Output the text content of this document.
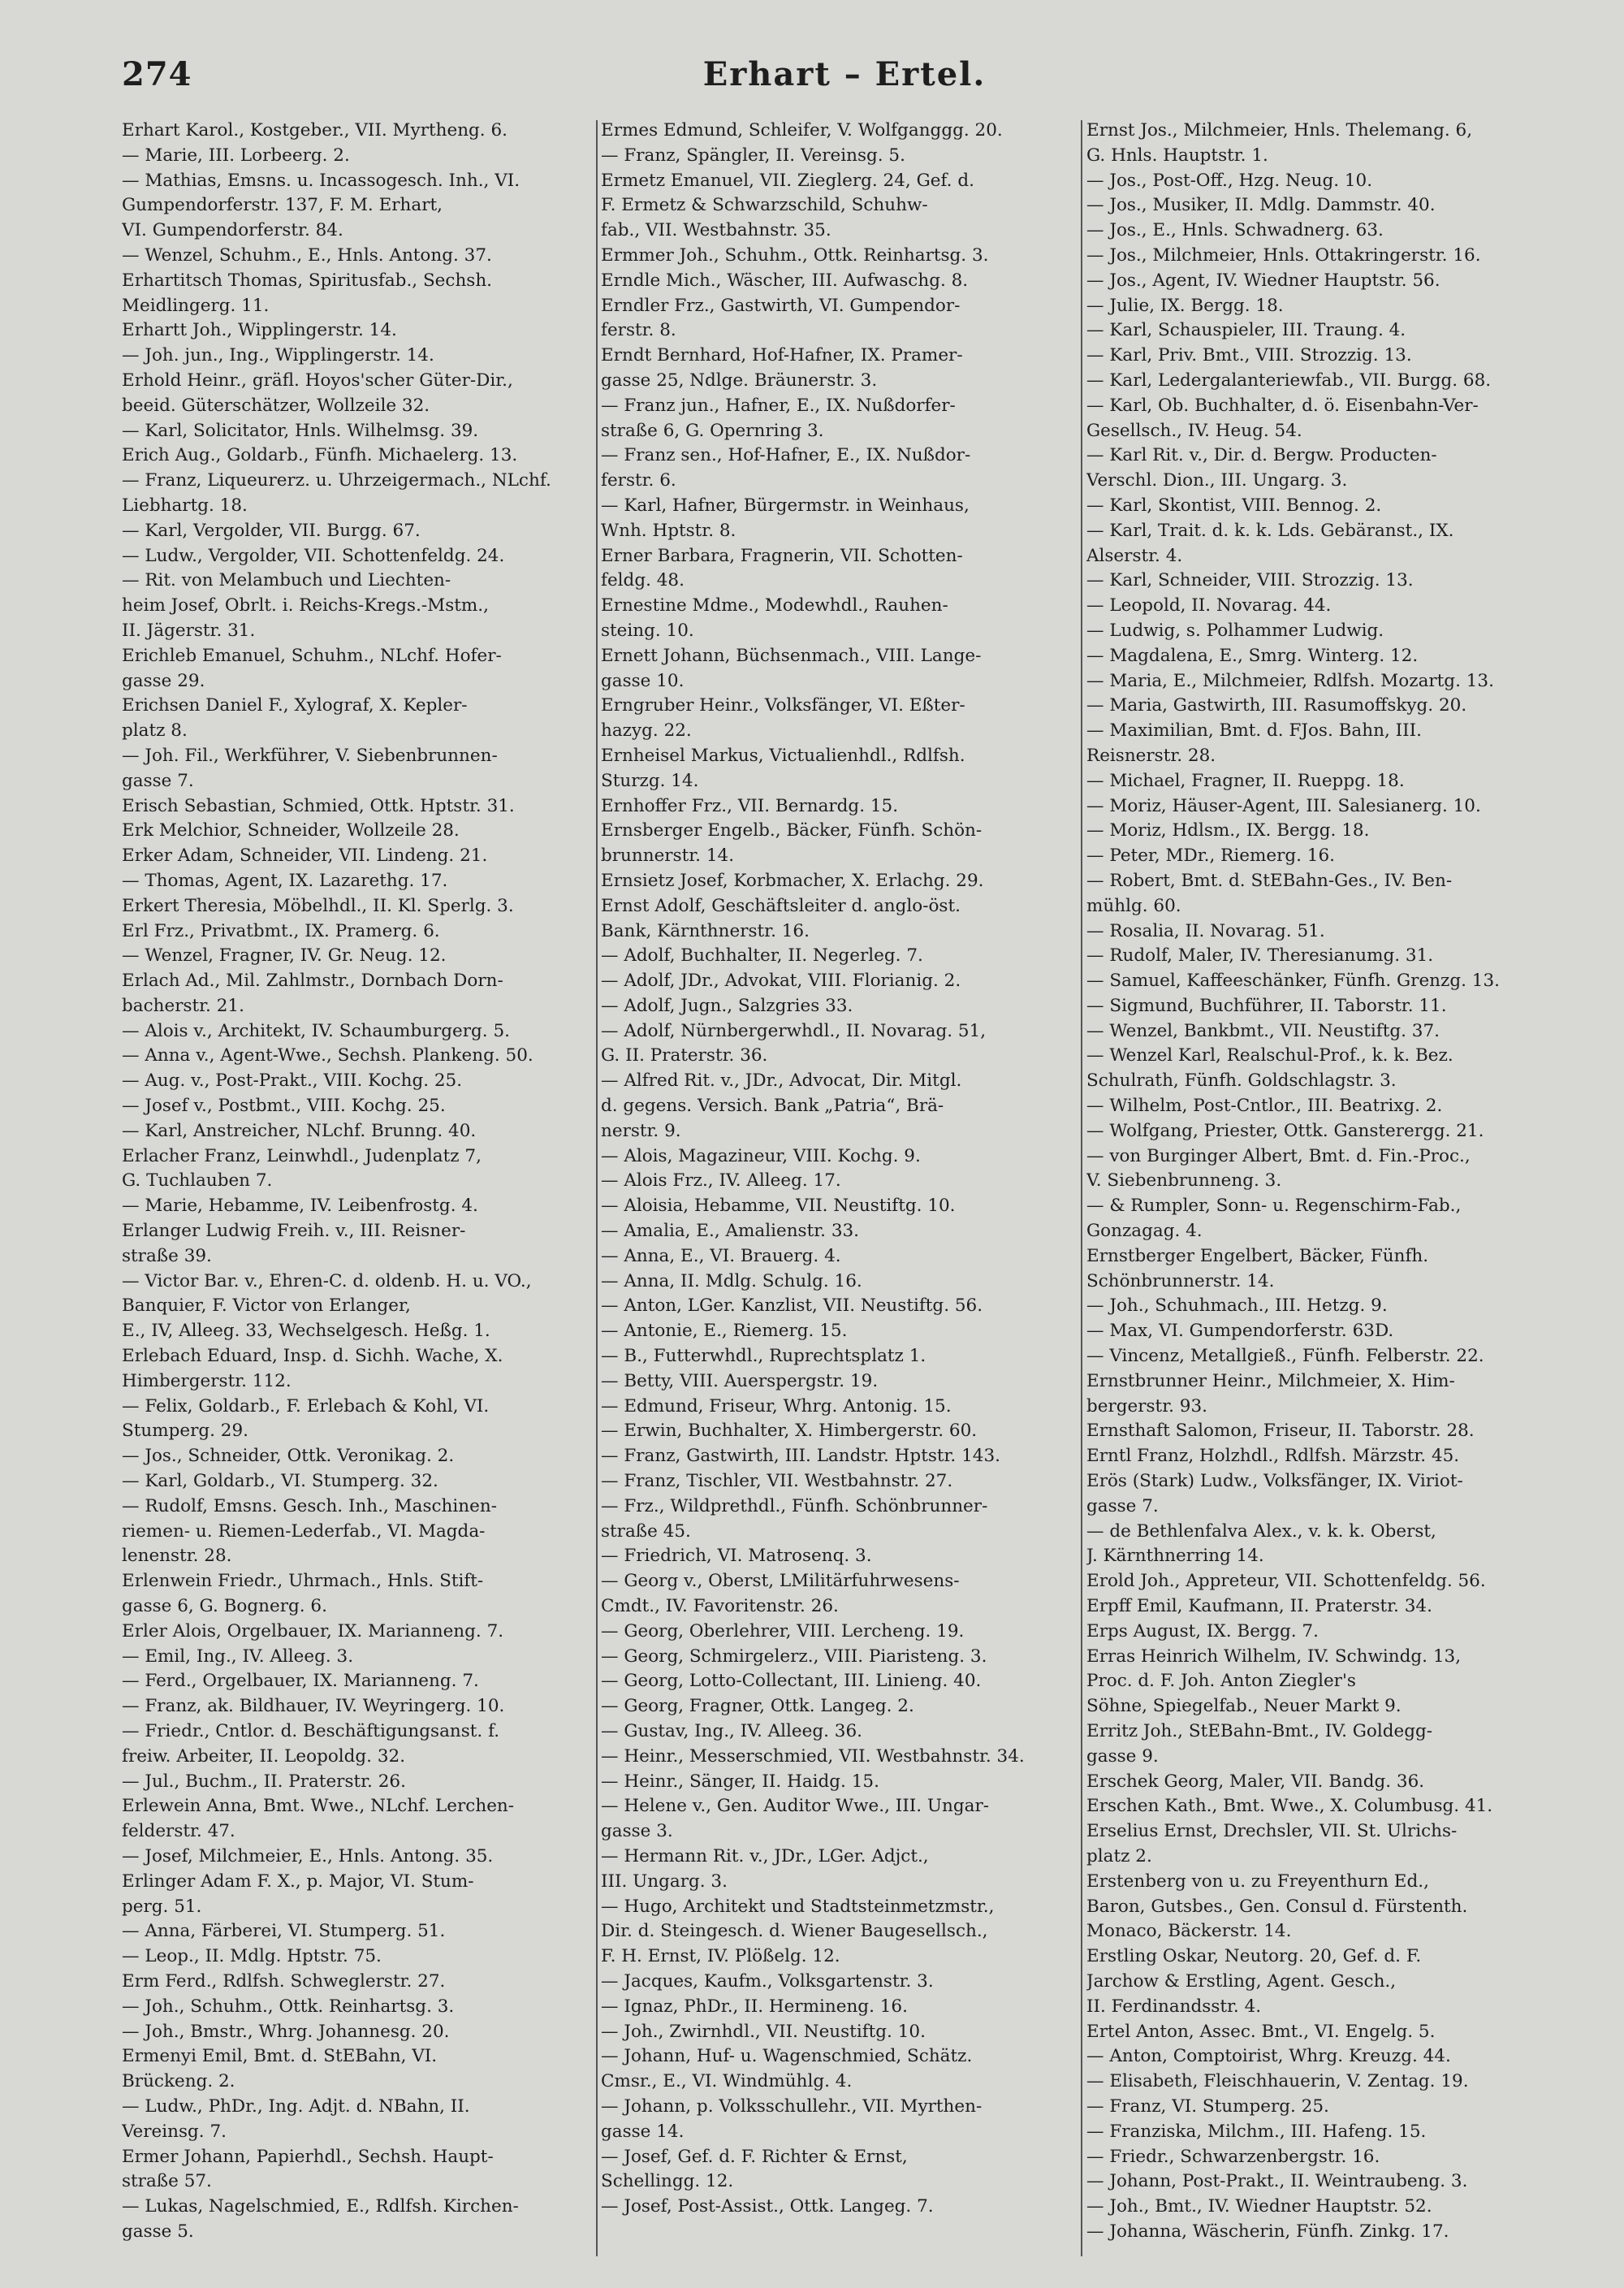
274	Erhart – Ertel.

Erhart Karol., Kostgeber., VII. Myrtheng. 6.

— Marie, III. Lorbeerg. 2.

— Mathias, Emsns. u. Incassogesch. Inh., VI.

Gumpendorferstr. 137, F. M. Erhart,

VI. Gumpendorferstr. 84.

— Wenzel, Schuhm., E., Hnls. Antong. 37.

Erhartitsch Thomas, Spiritusfab., Sechsh.

Meidlingerg. 11.

Erhartt Joh., Wipplingerstr. 14.

— Joh. jun., Ing., Wipplingerstr. 14.

Erhold Heinr., gräfl. Hoyos'scher Güter-Dir.,

beeid. Güterschätzer, Wollzeile 32.

— Karl, Solicitator, Hnls. Wilhelmsg. 39.

Erich Aug., Goldarb., Fünfh. Michaelerg. 13.

— Franz, Liqueurerz. u. Uhrzeigermach., NLchf.

Liebhartg. 18.

— Karl, Vergolder, VII. Burgg. 67.

— Ludw., Vergolder, VII. Schottenfeldg. 24.

— Rit. von Melambuch und Liechten-

heim Josef, Obrlt. i. Reichs-Kregs.-Mstm.,

II. Jägerstr. 31.

Erichleb Emanuel, Schuhm., NLchf. Hofer-

gasse 29.

Erichsen Daniel F., Xylograf, X. Kepler-

platz 8.

— Joh. Fil., Werkführer, V. Siebenbrunnen-

gasse 7.

Erisch Sebastian, Schmied, Ottk. Hptstr. 31.

Erk Melchior, Schneider, Wollzeile 28.

Erker Adam, Schneider, VII. Lindeng. 21.

— Thomas, Agent, IX. Lazarethg. 17.

Erkert Theresia, Möbelhdl., II. Kl. Sperlg. 3.

Erl Frz., Privatbmt., IX. Pramerg. 6.

— Wenzel, Fragner, IV. Gr. Neug. 12.

Erlach Ad., Mil. Zahlmstr., Dornbach Dorn-

bacherstr. 21.

— Alois v., Architekt, IV. Schaumburgerg. 5.

— Anna v., Agent-Wwe., Sechsh. Plankeng. 50.

— Aug. v., Post-Prakt., VIII. Kochg. 25.

— Josef v., Postbmt., VIII. Kochg. 25.

— Karl, Anstreicher, NLchf. Brunng. 40.

Erlacher Franz, Leinwhdl., Judenplatz 7,

G. Tuchlauben 7.

— Marie, Hebamme, IV. Leibenfrostg. 4.

Erlanger Ludwig Freih. v., III. Reisner-

straße 39.

— Victor Bar. v., Ehren-C. d. oldenb. H. u. VO.,

Banquier, F. Victor von Erlanger,

E., IV, Alleeg. 33, Wechselgesch. Heßg. 1.

Erlebach Eduard, Insp. d. Sichh. Wache, X.

Himbergerstr. 112.

— Felix, Goldarb., F. Erlebach & Kohl, VI.

Stumperg. 29.

— Jos., Schneider, Ottk. Veronikag. 2.

— Karl, Goldarb., VI. Stumperg. 32.

— Rudolf, Emsns. Gesch. Inh., Maschinen-

riemen- u. Riemen-Lederfab., VI. Magda-

lenenstr. 28.

Erlenwein Friedr., Uhrmach., Hnls. Stift-

gasse 6, G. Bognerg. 6.

Erler Alois, Orgelbauer, IX. Marianneng. 7.

— Emil, Ing., IV. Alleeg. 3.

— Ferd., Orgelbauer, IX. Marianneng. 7.

— Franz, ak. Bildhauer, IV. Weyringerg. 10.

— Friedr., Cntlor. d. Beschäftigungsanst. f.

freiw. Arbeiter, II. Leopoldg. 32.

— Jul., Buchm., II. Praterstr. 26.

Erlewein Anna, Bmt. Wwe., NLchf. Lerchen-

felderstr. 47.

— Josef, Milchmeier, E., Hnls. Antong. 35.

Erlinger Adam F. X., p. Major, VI. Stum-

perg. 51.

— Anna, Färberei, VI. Stumperg. 51.

— Leop., II. Mdlg. Hptstr. 75.

Erm Ferd., Rdlfsh. Schweglerstr. 27.

— Joh., Schuhm., Ottk. Reinhartsg. 3.

— Joh., Bmstr., Whrg. Johannesg. 20.

Ermenyi Emil, Bmt. d. StEBahn, VI.

Brückeng. 2.

— Ludw., PhDr., Ing. Adjt. d. NBahn, II.

Vereinsg. 7.

Ermer Johann, Papierhdl., Sechsh. Haupt-

straße 57.

— Lukas, Nagelschmied, E., Rdlfsh. Kirchen-

gasse 5.

Ermes Edmund, Schleifer, V. Wolfganggg. 20.

— Franz, Spängler, II. Vereinsg. 5.

Ermetz Emanuel, VII. Zieglerg. 24, Gef. d.

F. Ermetz & Schwarzschild, Schuhw-

fab., VII. Westbahnstr. 35.

Ermmer Joh., Schuhm., Ottk. Reinhartsg. 3.

Erndle Mich., Wäscher, III. Aufwaschg. 8.

Erndler Frz., Gastwirth, VI. Gumpendor-

ferstr. 8.

Erndt Bernhard, Hof-Hafner, IX. Pramer-

gasse 25, Ndlge. Bräunerstr. 3.

— Franz jun., Hafner, E., IX. Nußdorfer-

straße 6, G. Opernring 3.

— Franz sen., Hof-Hafner, E., IX. Nußdor-

ferstr. 6.

— Karl, Hafner, Bürgermstr. in Weinhaus,

Wnh. Hptstr. 8.

Erner Barbara, Fragnerin, VII. Schotten-

feldg. 48.

Ernestine Mdme., Modewhdl., Rauhen-

steing. 10.

Ernett Johann, Büchsenmach., VIII. Lange-

gasse 10.

Erngruber Heinr., Volksfänger, VI. Eßter-

hazyg. 22.

Ernheisel Markus, Victualienhdl., Rdlfsh.

Sturzg. 14.

Ernhoffer Frz., VII. Bernardg. 15.

Ernsberger Engelb., Bäcker, Fünfh. Schön-

brunnerstr. 14.

Ernsietz Josef, Korbmacher, X. Erlachg. 29.

Ernst Adolf, Geschäftsleiter d. anglo-öst.

Bank, Kärnthnerstr. 16.

— Adolf, Buchhalter, II. Negerleg. 7.

— Adolf, JDr., Advokat, VIII. Florianig. 2.

— Adolf, Jugn., Salzgries 33.

— Adolf, Nürnbergerwhdl., II. Novarag. 51,

G. II. Praterstr. 36.

— Alfred Rit. v., JDr., Advocat, Dir. Mitgl.

d. gegens. Versich. Bank „Patria“, Brä-

nerstr. 9.

— Alois, Magazineur, VIII. Kochg. 9.

— Alois Frz., IV. Alleeg. 17.

— Aloisia, Hebamme, VII. Neustiftg. 10.

— Amalia, E., Amalienstr. 33.

— Anna, E., VI. Brauerg. 4.

— Anna, II. Mdlg. Schulg. 16.

— Anton, LGer. Kanzlist, VII. Neustiftg. 56.

— Antonie, E., Riemerg. 15.

— B., Futterwhdl., Ruprechtsplatz 1.

— Betty, VIII. Auerspergstr. 19.

— Edmund, Friseur, Whrg. Antonig. 15.

— Erwin, Buchhalter, X. Himbergerstr. 60.

— Franz, Gastwirth, III. Landstr. Hptstr. 143.

— Franz, Tischler, VII. Westbahnstr. 27.

— Frz., Wildprethdl., Fünfh. Schönbrunner-

straße 45.

— Friedrich, VI. Matrosenq. 3.

— Georg v., Oberst, LMilitärfuhrwesens-

Cmdt., IV. Favoritenstr. 26.

— Georg, Oberlehrer, VIII. Lercheng. 19.

— Georg, Schmirgelerz., VIII. Piaristeng. 3.

— Georg, Lotto-Collectant, III. Linieng. 40.

— Georg, Fragner, Ottk. Langeg. 2.

— Gustav, Ing., IV. Alleeg. 36.

— Heinr., Messerschmied, VII. Westbahnstr. 34.

— Heinr., Sänger, II. Haidg. 15.

— Helene v., Gen. Auditor Wwe., III. Ungar-

gasse 3.

— Hermann Rit. v., JDr., LGer. Adjct.,

III. Ungarg. 3.

— Hugo, Architekt und Stadtsteinmetzmstr.,

Dir. d. Steingesch. d. Wiener Baugesellsch.,

F. H. Ernst, IV. Plößelg. 12.

— Jacques, Kaufm., Volksgartenstr. 3.

— Ignaz, PhDr., II. Hermineng. 16.

— Joh., Zwirnhdl., VII. Neustiftg. 10.

— Johann, Huf- u. Wagenschmied, Schätz.

Cmsr., E., VI. Windmühlg. 4.

— Johann, p. Volksschullehr., VII. Myrthen-

gasse 14.

— Josef, Gef. d. F. Richter & Ernst,

Schellingg. 12.

— Josef, Post-Assist., Ottk. Langeg. 7.

Ernst Jos., Milchmeier, Hnls. Thelemang. 6,

G. Hnls. Hauptstr. 1.

— Jos., Post-Off., Hzg. Neug. 10.

— Jos., Musiker, II. Mdlg. Dammstr. 40.

— Jos., E., Hnls. Schwadnerg. 63.

— Jos., Milchmeier, Hnls. Ottakringerstr. 16.

— Jos., Agent, IV. Wiedner Hauptstr. 56.

— Julie, IX. Bergg. 18.

— Karl, Schauspieler, III. Traung. 4.

— Karl, Priv. Bmt., VIII. Strozzig. 13.

— Karl, Ledergalanteriewfab., VII. Burgg. 68.

— Karl, Ob. Buchhalter, d. ö. Eisenbahn-Ver-

Gesellsch., IV. Heug. 54.

— Karl Rit. v., Dir. d. Bergw. Producten-

Verschl. Dion., III. Ungarg. 3.

— Karl, Skontist, VIII. Bennog. 2.

— Karl, Trait. d. k. k. Lds. Gebäranst., IX.

Alserstr. 4.

— Karl, Schneider, VIII. Strozzig. 13.

— Leopold, II. Novarag. 44.

— Ludwig, s. Polhammer Ludwig.

— Magdalena, E., Smrg. Winterg. 12.

— Maria, E., Milchmeier, Rdlfsh. Mozartg. 13.

— Maria, Gastwirth, III. Rasumoffskyg. 20.

— Maximilian, Bmt. d. FJos. Bahn, III.

Reisnerstr. 28.

— Michael, Fragner, II. Rueppg. 18.

— Moriz, Häuser-Agent, III. Salesianerg. 10.

— Moriz, Hdlsm., IX. Bergg. 18.

— Peter, MDr., Riemerg. 16.

— Robert, Bmt. d. StEBahn-Ges., IV. Ben-

mühlg. 60.

— Rosalia, II. Novarag. 51.

— Rudolf, Maler, IV. Theresianumg. 31.

— Samuel, Kaffeeschänker, Fünfh. Grenzg. 13.

— Sigmund, Buchführer, II. Taborstr. 11.

— Wenzel, Bankbmt., VII. Neustiftg. 37.

— Wenzel Karl, Realschul-Prof., k. k. Bez.

Schulrath, Fünfh. Goldschlagstr. 3.

— Wilhelm, Post-Cntlor., III. Beatrixg. 2.

— Wolfgang, Priester, Ottk. Gansterergg. 21.

— von Burginger Albert, Bmt. d. Fin.-Proc.,

V. Siebenbrunneng. 3.

— & Rumpler, Sonn- u. Regenschirm-Fab.,

Gonzagag. 4.

Ernstberger Engelbert, Bäcker, Fünfh.

Schönbrunnerstr. 14.

— Joh., Schuhmach., III. Hetzg. 9.

— Max, VI. Gumpendorferstr. 63D.

— Vincenz, Metallgieß., Fünfh. Felberstr. 22.

Ernstbrunner Heinr., Milchmeier, X. Him-

bergerstr. 93.

Ernsthaft Salomon, Friseur, II. Taborstr. 28.

Erntl Franz, Holzhdl., Rdlfsh. Märzstr. 45.

Erös (Stark) Ludw., Volksfänger, IX. Viriot-

gasse 7.

— de Bethlenfalva Alex., v. k. k. Oberst,

J. Kärnthnerring 14.

Erold Joh., Appreteur, VII. Schottenfeldg. 56.

Erpff Emil, Kaufmann, II. Praterstr. 34.

Erps August, IX. Bergg. 7.

Erras Heinrich Wilhelm, IV. Schwindg. 13,

Proc. d. F. Joh. Anton Ziegler's

Söhne, Spiegelfab., Neuer Markt 9.

Erritz Joh., StEBahn-Bmt., IV. Goldegg-

gasse 9.

Erschek Georg, Maler, VII. Bandg. 36.

Erschen Kath., Bmt. Wwe., X. Columbusg. 41.

Erselius Ernst, Drechsler, VII. St. Ulrichs-

platz 2.

Erstenberg von u. zu Freyenthurn Ed.,

Baron, Gutsbes., Gen. Consul d. Fürstenth.

Monaco, Bäckerstr. 14.

Erstling Oskar, Neutorg. 20, Gef. d. F.

Jarchow & Erstling, Agent. Gesch.,

II. Ferdinandsstr. 4.

Ertel Anton, Assec. Bmt., VI. Engelg. 5.

— Anton, Comptoirist, Whrg. Kreuzg. 44.

— Elisabeth, Fleischhauerin, V. Zentag. 19.

— Franz, VI. Stumperg. 25.

— Franziska, Milchm., III. Hafeng. 15.

— Friedr., Schwarzenbergstr. 16.

— Johann, Post-Prakt., II. Weintraubeng. 3.

— Joh., Bmt., IV. Wiedner Hauptstr. 52.

— Johanna, Wäscherin, Fünfh. Zinkg. 17.
